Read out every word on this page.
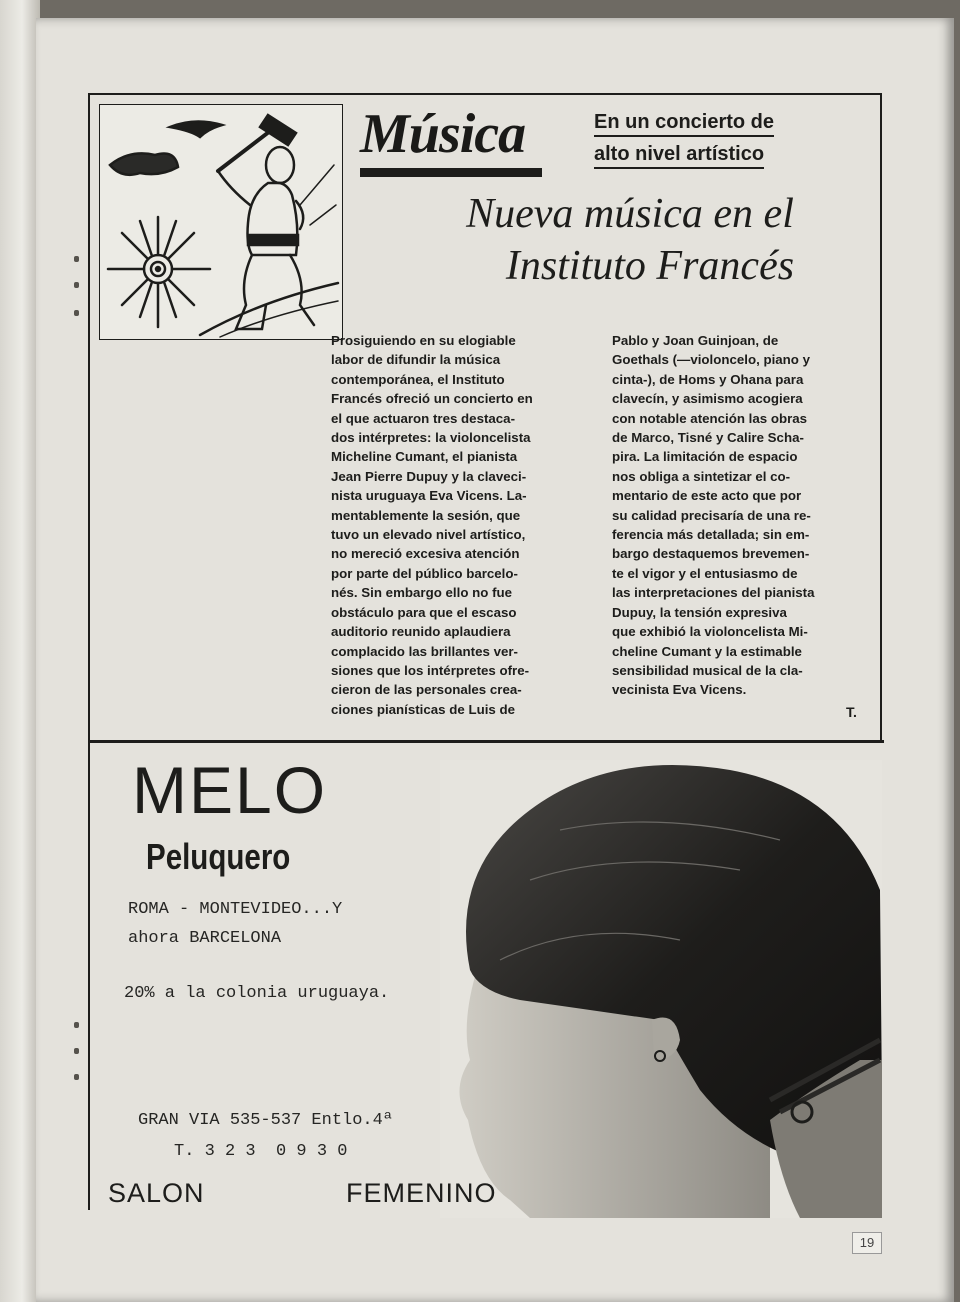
Música	En un concierto de
alto nivel artístico
Nueva música en el
Instituto Francés
Prosiguiendo en su elogiable
labor de difundir la música
contemporánea, el Instituto
Francés ofreció un concierto en
el que actuaron tres destaca-
dos intérpretes: la violoncelista
Micheline Cumant, el pianista
Jean Pierre Dupuy y la claveci-
nista uruguaya Eva Vicens. La-
mentablemente la sesión, que
tuvo un elevado nivel artístico,
no mereció excesiva atención
por parte del público barcelo-
nés. Sin embargo ello no fue
obstáculo para que el escaso
auditorio reunido aplaudiera
complacido las brillantes ver-
siones que los intérpretes ofre-
cieron de las personales crea-
ciones pianísticas de Luis de
Pablo y Joan Guinjoan, de
Goethals (—violoncelo, piano y
cinta-), de Homs y Ohana para
clavecín, y asimismo acogiera
con notable atención las obras
de Marco, Tisné y Calire Scha-
pira. La limitación de espacio
nos obliga a sintetizar el co-
mentario de este acto que por
su calidad precisaría de una re-
ferencia más detallada; sin em-
bargo destaquemos brevemen-
te el vigor y el entusiasmo de
las interpretaciones del pianista
Dupuy, la tensión expresiva
que exhibió la violoncelista Mi-
cheline Cumant y la estimable
sensibilidad musical de la cla-
vecinista Eva Vicens.
T.
MELO
Peluquero
ROMA - MONTEVIDEO...Y
ahora BARCELONA
20% a la colonia uruguaya.
GRAN VIA 535-537 Entlo.4ª
T. 3 2 3  0 9 3 0
SALON	FEMENINO
19
